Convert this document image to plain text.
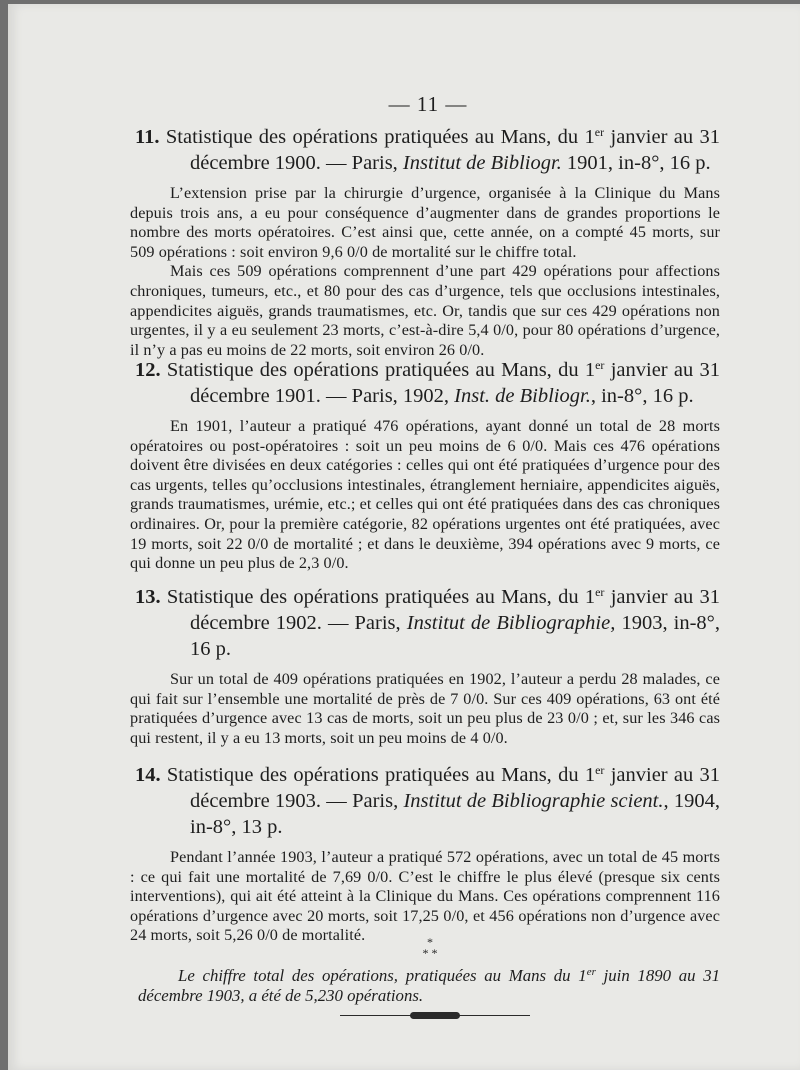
— 11 —

11. Statistique des opérations pratiquées au Mans, du 1er janvier au 31 décembre 1900. — Paris, Institut de Bibliogr. 1901, in-8°, 16 p.

L’extension prise par la chirurgie d’urgence, organisée à la Clinique du Mans depuis trois ans, a eu pour conséquence d’augmenter dans de grandes proportions le nombre des morts opératoires. C’est ainsi que, cette année, on a compté 45 morts, sur 509 opérations : soit environ 9,6 0/0 de mortalité sur le chiffre total.

Mais ces 509 opérations comprennent d’une part 429 opérations pour affections chroniques, tumeurs, etc., et 80 pour des cas d’urgence, tels que occlusions intestinales, appendicites aiguës, grands traumatismes, etc. Or, tandis que sur ces 429 opérations non urgentes, il y a eu seulement 23 morts, c’est-à-dire 5,4 0/0, pour 80 opérations d’urgence, il n’y a pas eu moins de 22 morts, soit environ 26 0/0.

12. Statistique des opérations pratiquées au Mans, du 1er janvier au 31 décembre 1901. — Paris, 1902, Inst. de Bibliogr., in-8°, 16 p.

En 1901, l’auteur a pratiqué 476 opérations, ayant donné un total de 28 morts opératoires ou post-opératoires : soit un peu moins de 6 0/0. Mais ces 476 opérations doivent être divisées en deux catégories : celles qui ont été pratiquées d’urgence pour des cas urgents, telles qu’occlusions intestinales, étranglement herniaire, appendicites aiguës, grands traumatismes, urémie, etc.; et celles qui ont été pratiquées dans des cas chroniques ordinaires. Or, pour la première catégorie, 82 opérations urgentes ont été pratiquées, avec 19 morts, soit 22 0/0 de mortalité ; et dans le deuxième, 394 opérations avec 9 morts, ce qui donne un peu plus de 2,3 0/0.

13. Statistique des opérations pratiquées au Mans, du 1er janvier au 31 décembre 1902. — Paris, Institut de Bibliographie, 1903, in-8°, 16 p.

Sur un total de 409 opérations pratiquées en 1902, l’auteur a perdu 28 malades, ce qui fait sur l’ensemble une mortalité de près de 7 0/0. Sur ces 409 opérations, 63 ont été pratiquées d’urgence avec 13 cas de morts, soit un peu plus de 23 0/0 ; et, sur les 346 cas qui restent, il y a eu 13 morts, soit un peu moins de 4 0/0.

14. Statistique des opérations pratiquées au Mans, du 1er janvier au 31 décembre 1903. — Paris, Institut de Bibliographie scient., 1904, in-8°, 13 p.

Pendant l’année 1903, l’auteur a pratiqué 572 opérations, avec un total de 45 morts : ce qui fait une mortalité de 7,69 0/0. C’est le chiffre le plus élevé (presque six cents interventions), qui ait été atteint à la Clinique du Mans. Ces opérations comprennent 116 opérations d’urgence avec 20 morts, soit 17,25 0/0, et 456 opérations non d’urgence avec 24 morts, soit 5,26 0/0 de mortalité.	*
* *
Le chiffre total des opérations, pratiquées au Mans du 1er juin 1890 au 31 décembre 1903, a été de 5,230 opérations.
